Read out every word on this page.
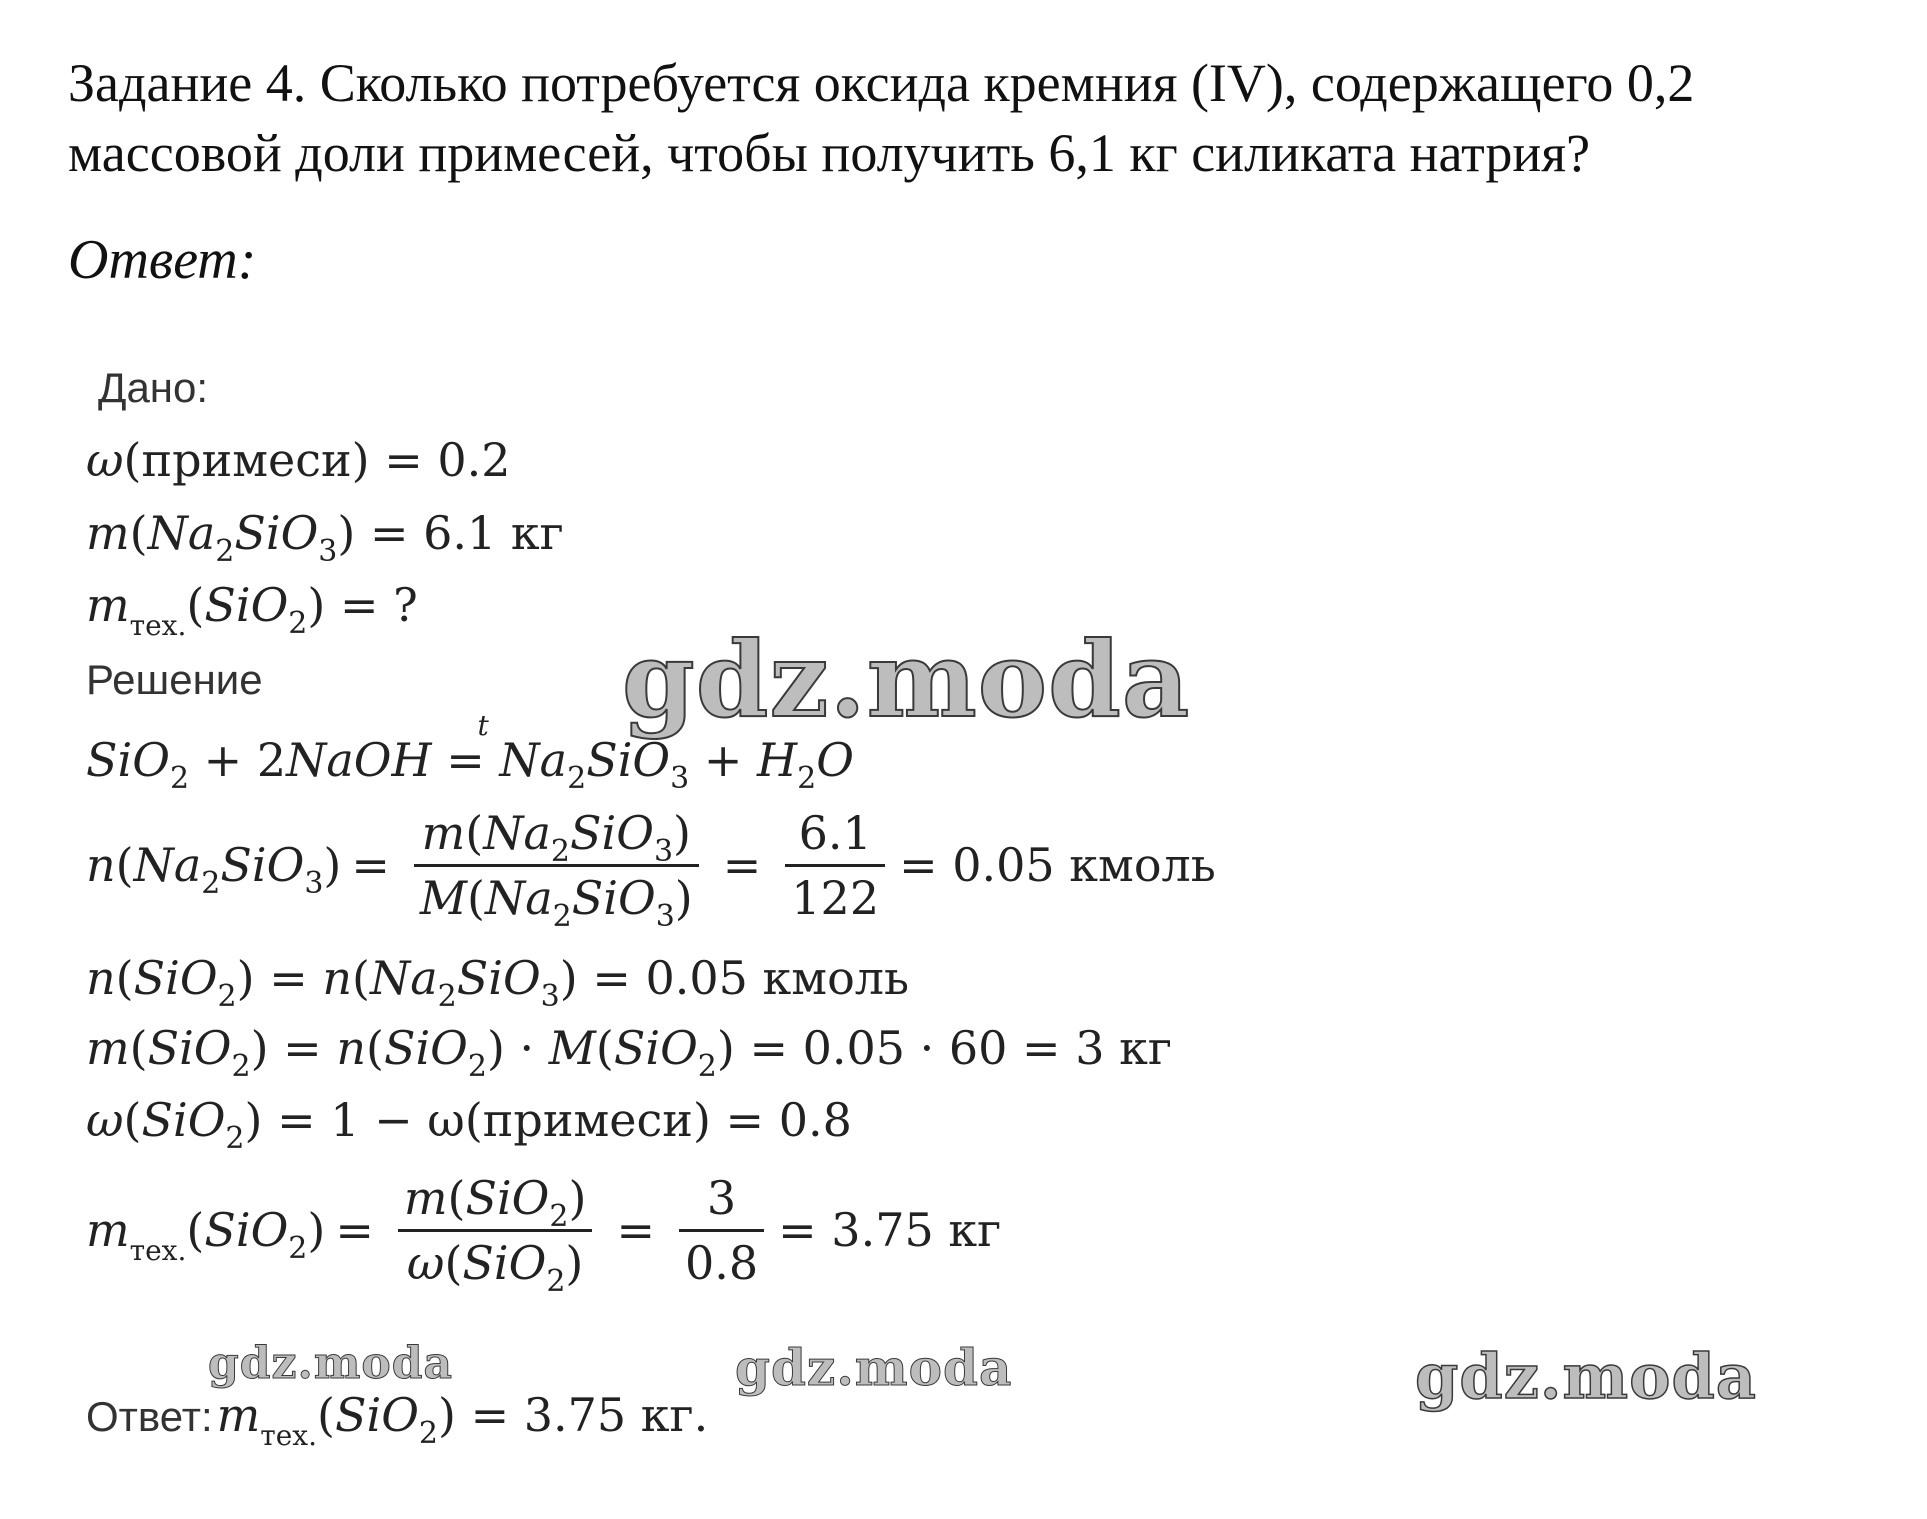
Задание 4. Сколько потребуется оксида кремния (IV), содержащего 0,2 массовой доли примесей, чтобы получить 6,1 кг силиката натрия?
Ответ:
Дано:
ω(примеси) = 0.2
$m(Na_2SiO_3) = 6.1$ кг
$m_{тех.}(SiO_2)$ = ?
Решение
SiO$_2$ + 2NaOH =
t
$Na_2SiO_3 + H_2O$
$n(Na_2SiO_3) = \frac{m(Na_2SiO_3)}{M(Na_2SiO_3)} = \frac{6.1}{122} = 0.05$ кмоль
$n(SiO_2) = n(Na_2SiO_3) = 0.05$ кмоль
m(SiO$_2$) = n(SiO$_2$) · M(SiO$_2$) = 0.05 · 60 = 3 кг
ω(SiO$_2$) = 1 − ω(примеси) = 0.8
$m_{тех.}(SiO_2) = \frac{m(SiO_2)}{\omega(SiO_2)} = \frac{3}{0.8} = 3.75$ кг
Ответ: $m_{тех.}(SiO_2) = 3.75$ кг.
gdz.moda
gdz.moda	gdz.moda	gdz.moda
